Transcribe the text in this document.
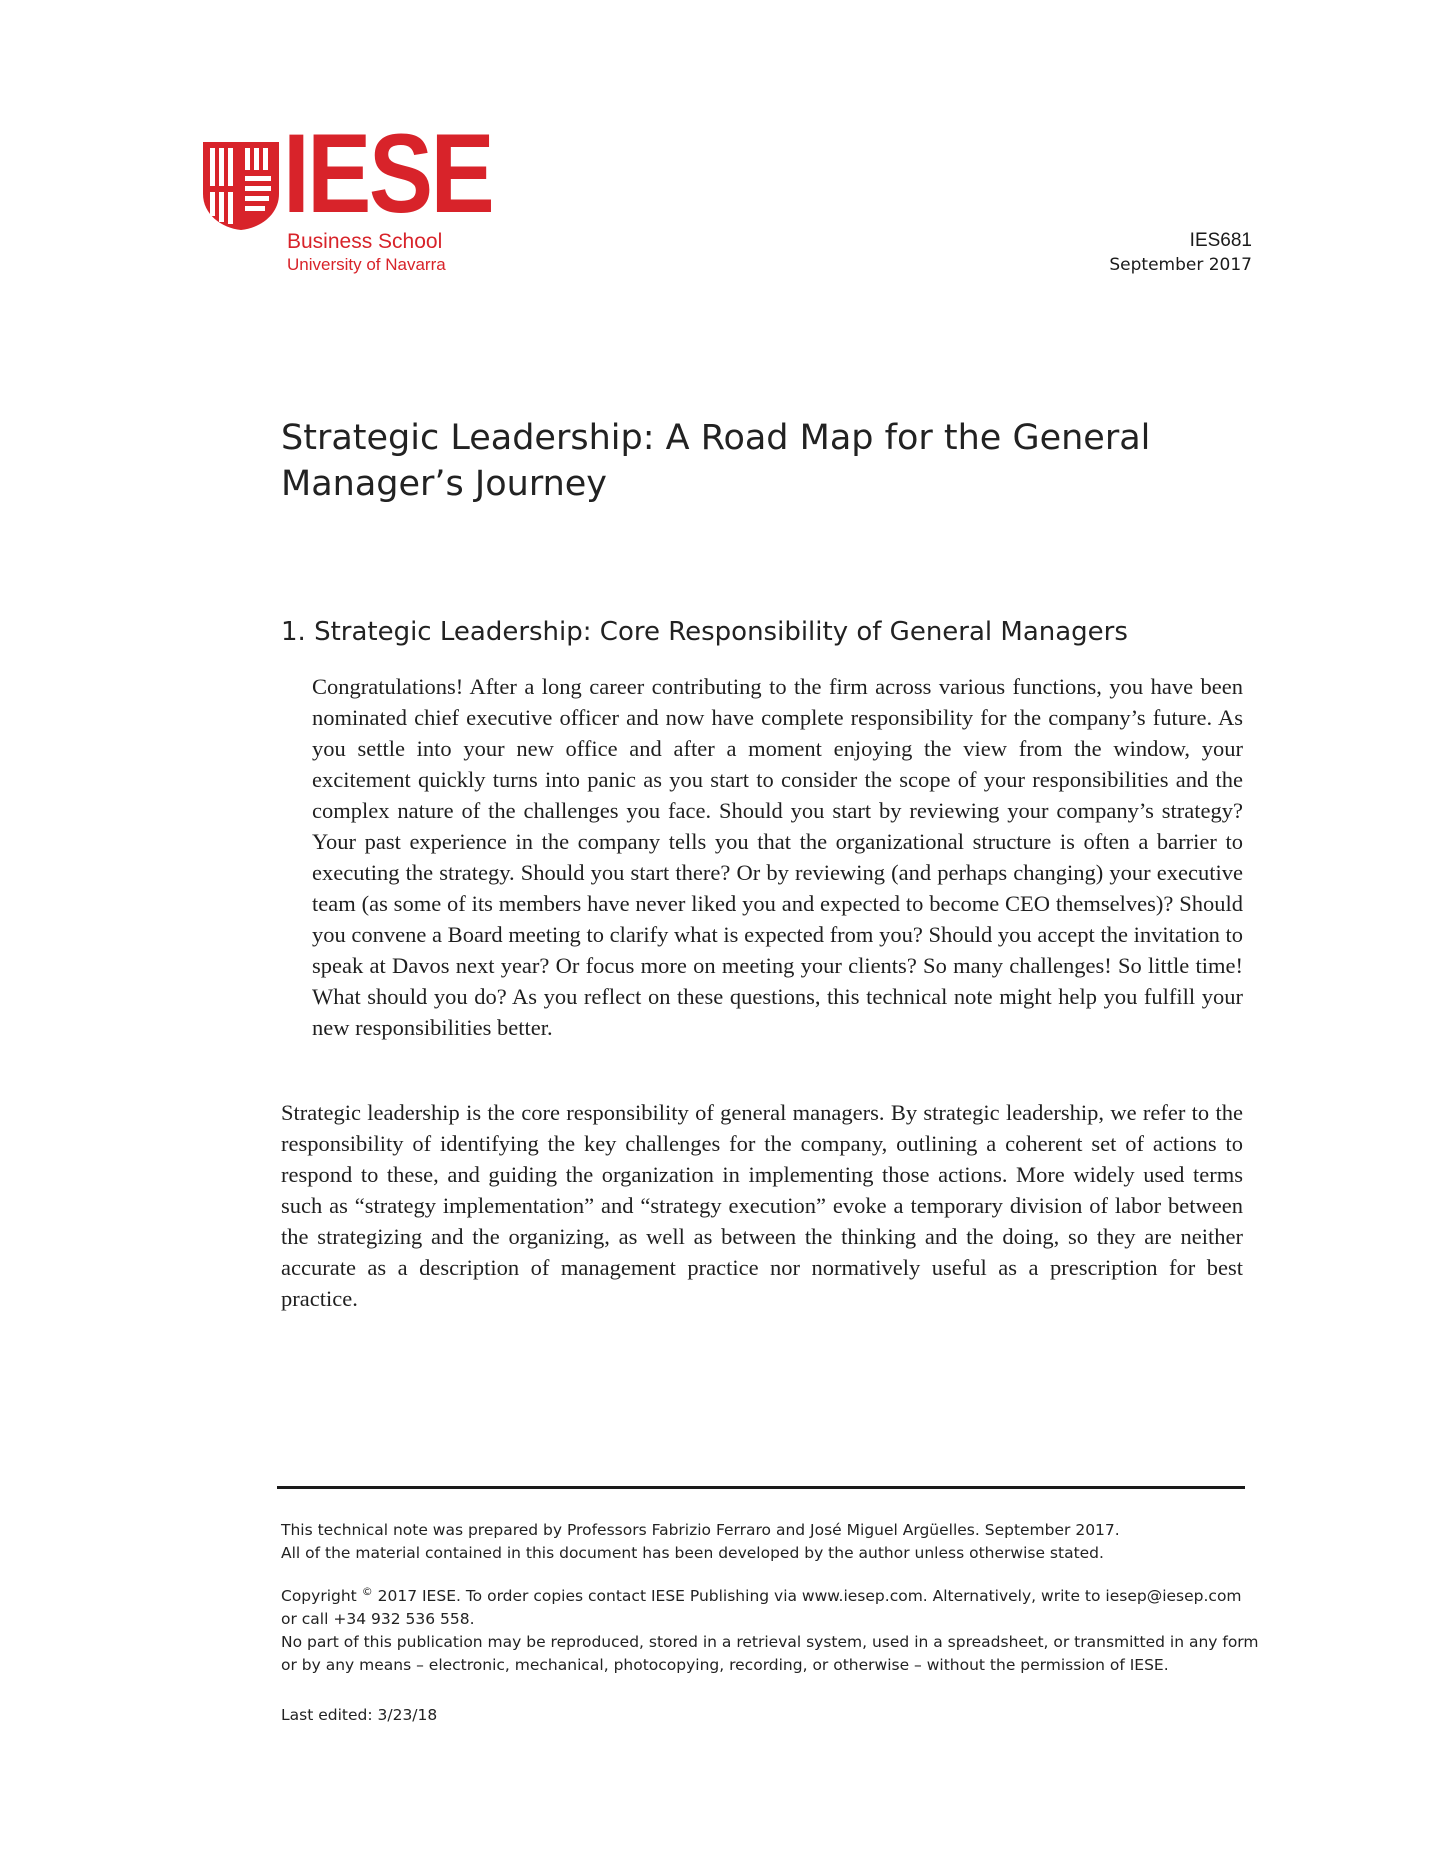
IESE
Business School
University of Navarra
IES681
September 2017
Strategic Leadership: A Road Map for the General
Manager’s Journey
1. Strategic Leadership: Core Responsibility of General Managers

Congratulations! After a long career contributing to the firm across various functions, you have been nominated chief executive officer and now have complete responsibility for the company’s future. As you settle into your new office and after a moment enjoying the view from the window, your excitement quickly turns into panic as you start to consider the scope of your responsibilities and the complex nature of the challenges you face. Should you start by reviewing your company’s strategy? Your past experience in the company tells you that the organizational structure is often a barrier to executing the strategy. Should you start there? Or by reviewing (and perhaps changing) your executive team (as some of its members have never liked you and expected to become CEO themselves)? Should you convene a Board meeting to clarify what is expected from you? Should you accept the invitation to speak at Davos next year? Or focus more on meeting your clients? So many challenges! So little time! What should you do? As you reflect on these questions, this technical note might help you fulfill your new responsibilities better.

Strategic leadership is the core responsibility of general managers. By strategic leadership, we refer to the responsibility of identifying the key challenges for the company, outlining a coherent set of actions to respond to these, and guiding the organization in implementing those actions. More widely used terms such as “strategy implementation” and “strategy execution” evoke a temporary division of labor between the strategizing and the organizing, as well as between the thinking and the doing, so they are neither accurate as a description of management practice nor normatively useful as a prescription for best practice.

This technical note was prepared by Professors Fabrizio Ferraro and José Miguel Argüelles. September 2017.

All of the material contained in this document has been developed by the author unless otherwise stated.

Copyright © 2017 IESE. To order copies contact IESE Publishing via www.iesep.com. Alternatively, write to iesep@iesep.com

or call +34 932 536 558.

No part of this publication may be reproduced, stored in a retrieval system, used in a spreadsheet, or transmitted in any form

or by any means – electronic, mechanical, photocopying, recording, or otherwise – without the permission of IESE.

Last edited: 3/23/18
